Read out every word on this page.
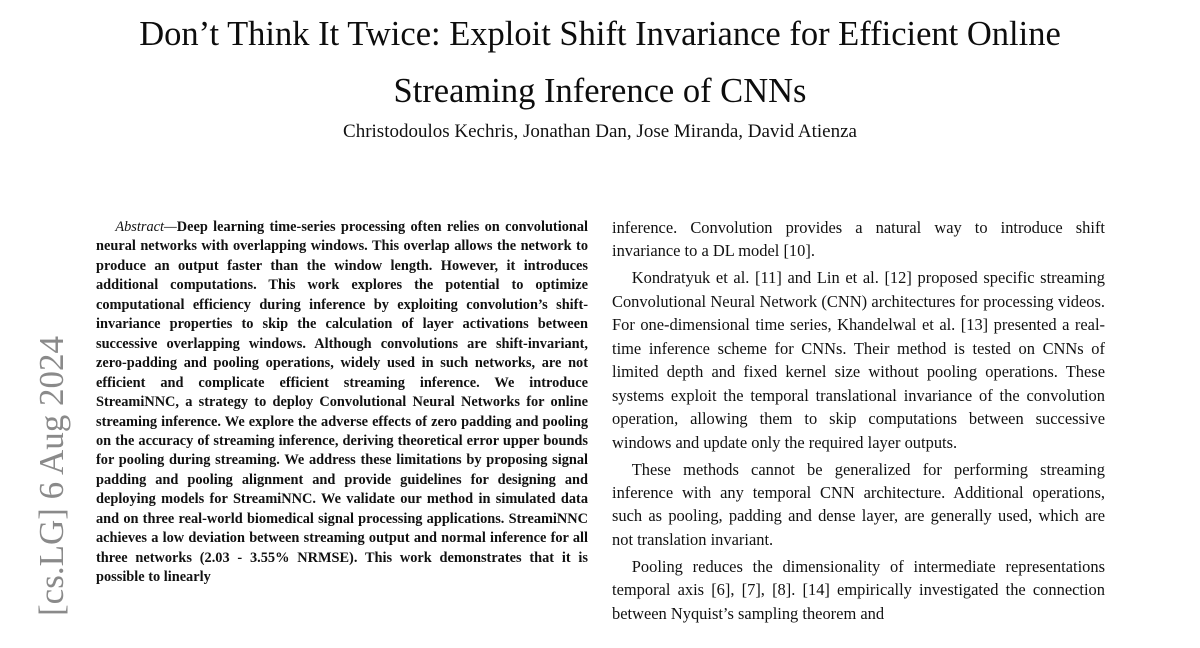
Don’t Think It Twice: Exploit Shift Invariance for Efficient Online
Streaming Inference of CNNs
Christodoulos Kechris, Jonathan Dan, Jose Miranda, David Atienza
[cs.LG] 6 Aug 2024
Abstract—Deep learning time-series processing often relies on convolutional neural networks with overlapping windows. This overlap allows the network to produce an output faster than the window length. However, it introduces additional computations. This work explores the potential to optimize computational efficiency during inference by exploiting convolution’s shift-invariance properties to skip the calculation of layer activations between successive overlapping windows. Although convolutions are shift-invariant, zero-padding and pooling operations, widely used in such networks, are not efficient and complicate efficient streaming inference. We introduce StreamiNNC, a strategy to deploy Convolutional Neural Networks for online streaming inference. We explore the adverse effects of zero padding and pooling on the accuracy of streaming inference, deriving theoretical error upper bounds for pooling during streaming. We address these limitations by proposing signal padding and pooling alignment and provide guidelines for designing and deploying models for StreamiNNC. We validate our method in simulated data and on three real-world biomedical signal processing applications. StreamiNNC achieves a low deviation between streaming output and normal inference for all three networks (2.03 - 3.55% NRMSE). This work demonstrates that it is possible to linearly

inference. Convolution provides a natural way to introduce shift invariance to a DL model [10].

Kondratyuk et al. [11] and Lin et al. [12] proposed specific streaming Convolutional Neural Network (CNN) architectures for processing videos. For one-dimensional time series, Khandelwal et al. [13] presented a real-time inference scheme for CNNs. Their method is tested on CNNs of limited depth and fixed kernel size without pooling operations. These systems exploit the temporal translational invariance of the convolution operation, allowing them to skip computations between successive windows and update only the required layer outputs.

These methods cannot be generalized for performing streaming inference with any temporal CNN architecture. Additional operations, such as pooling, padding and dense layer, are generally used, which are not translation invariant.

Pooling reduces the dimensionality of intermediate representations temporal axis [6], [7], [8]. [14] empirically investigated the connection between Nyquist’s sampling theorem and
